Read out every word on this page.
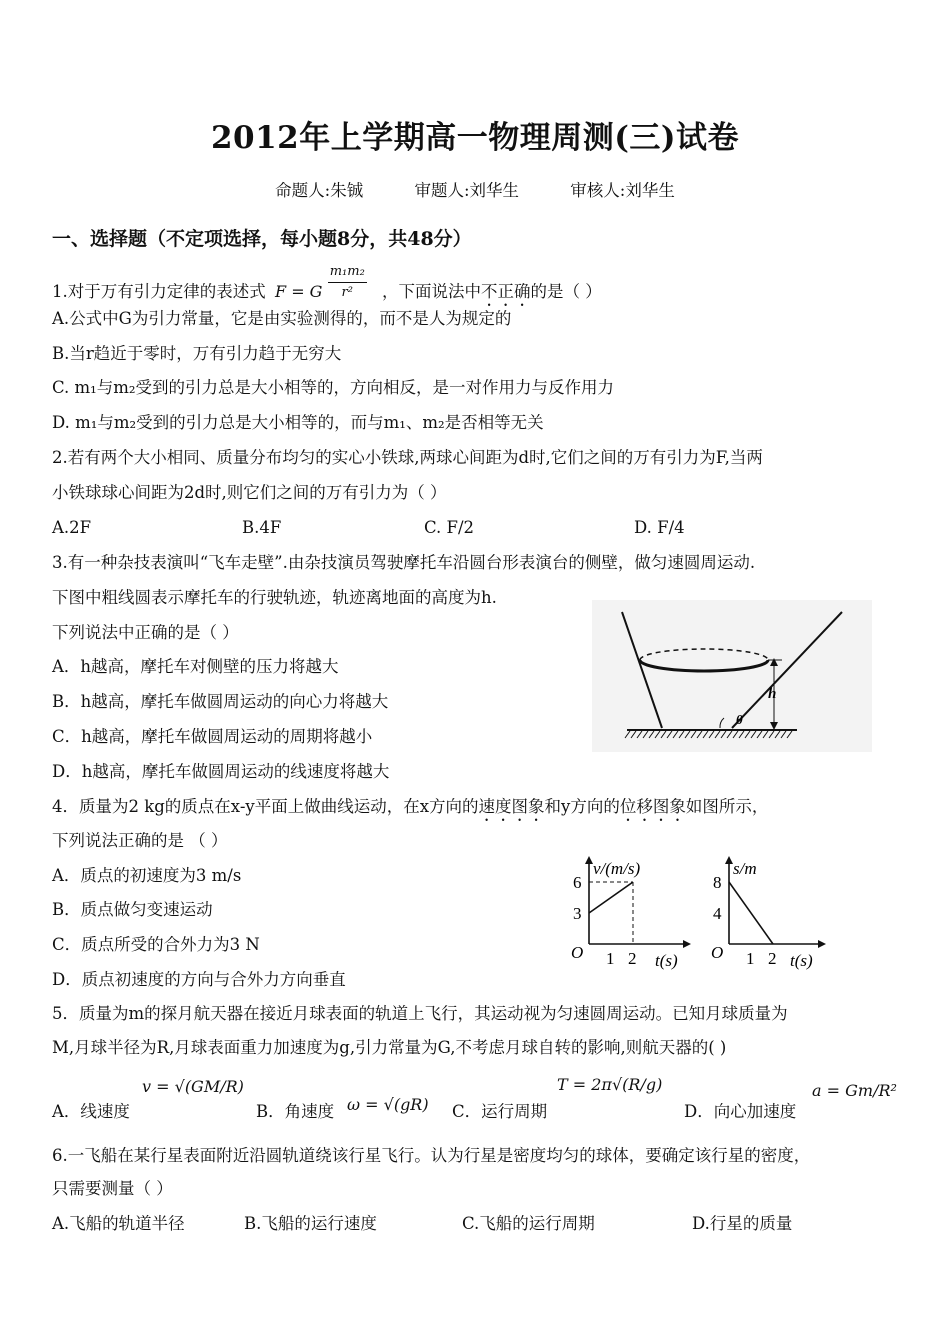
2012年上学期高一物理周测(三)试卷
命题人:朱铖	审题人:刘华生	审核人:刘华生
一、选择题（不定项选择，每小题8分，共48分）
1.对于万有引力定律的表述式 F = G $\frac{\text{m₁m₂}}{\text{r²}}$ ，下面说法中不正确的是（ ）
A.公式中G为引力常量，它是由实验测得的，而不是人为规定的
B.当r趋近于零时，万有引力趋于无穷大
C. m₁与m₂受到的引力总是大小相等的，方向相反，是一对作用力与反作用力
D. m₁与m₂受到的引力总是大小相等的，而与m₁、m₂是否相等无关
2.若有两个大小相同、质量分布均匀的实心小铁球,两球心间距为d时,它们之间的万有引力为F,当两
小铁球球心间距为2d时,则它们之间的万有引力为（ ）
A.2F	B.4F	C. F/2	D. F/4
3.有一种杂技表演叫“飞车走壁”.由杂技演员驾驶摩托车沿圆台形表演台的侧壁，做匀速圆周运动.
下图中粗线圆表示摩托车的行驶轨迹，轨迹离地面的高度为h.
下列说法中正确的是（ ）
A．h越高，摩托车对侧壁的压力将越大
B．h越高，摩托车做圆周运动的向心力将越大
C．h越高，摩托车做圆周运动的周期将越小
D．h越高，摩托车做圆周运动的线速度将越大
h
θ
4．质量为2 kg的质点在x-y平面上做曲线运动，在x方向的速度图象和y方向的位移图象如图所示，
下列说法正确的是 （ ）
A．质点的初速度为3 m/s
B．质点做匀变速运动
C．质点所受的合外力为3 N
D．质点初速度的方向与合外力方向垂直
v/(m/s)
O 1 2
3
6
t(s)
s/m
O 1 2
4
8
t(s)
5．质量为m的探月航天器在接近月球表面的轨道上飞行，其运动视为匀速圆周运动。已知月球质量为
M,月球半径为R,月球表面重力加速度为g,引力常量为G,不考虑月球自转的影响,则航天器的( )
A．线速度
v = √(GM/R)
B．角速度 ω = √(gR) C．运行周期
T = 2π√(R/g)
D．向心加速度
a = Gm/R²
6.一飞船在某行星表面附近沿圆轨道绕该行星飞行。认为行星是密度均匀的球体，要确定该行星的密度，
只需要测量（ ）
A.飞船的轨道半径	B.飞船的运行速度	C.飞船的运行周期	D.行星的质量
